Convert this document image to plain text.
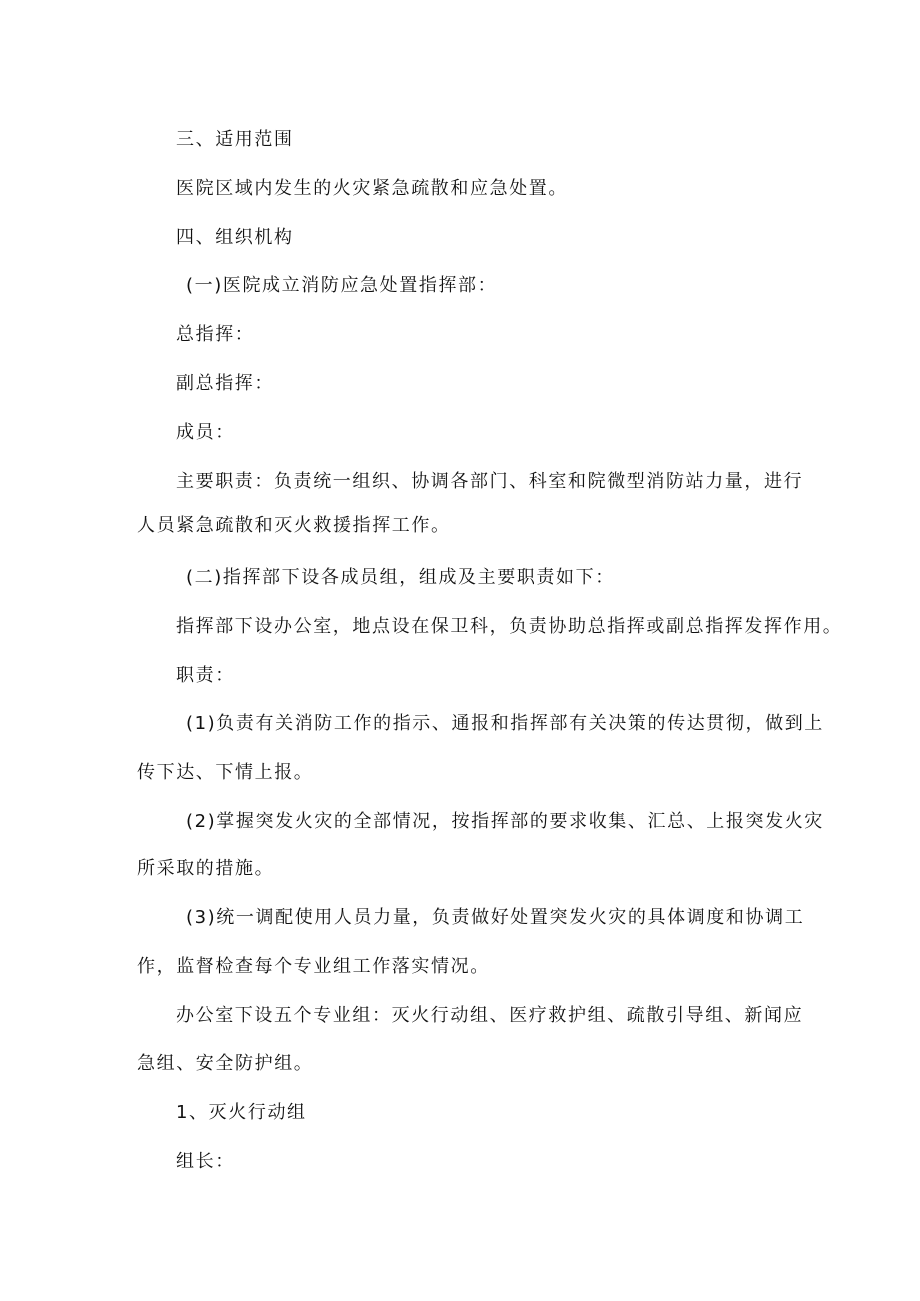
三、适用范围
医院区域内发生的火灾紧急疏散和应急处置。
四、组织机构
(一)医院成立消防应急处置指挥部：
总指挥：
副总指挥：
成员：
主要职责：负责统一组织、协调各部门、科室和院微型消防站力量，进行
人员紧急疏散和灭火救援指挥工作。
(二)指挥部下设各成员组，组成及主要职责如下：
指挥部下设办公室，地点设在保卫科，负责协助总指挥或副总指挥发挥作用。
职责：
(1)负责有关消防工作的指示、通报和指挥部有关决策的传达贯彻，做到上
传下达、下情上报。
(2)掌握突发火灾的全部情况，按指挥部的要求收集、汇总、上报突发火灾
所采取的措施。
(3)统一调配使用人员力量，负责做好处置突发火灾的具体调度和协调工
作，监督检查每个专业组工作落实情况。
办公室下设五个专业组：灭火行动组、医疗救护组、疏散引导组、新闻应
急组、安全防护组。
1、灭火行动组
组长：
